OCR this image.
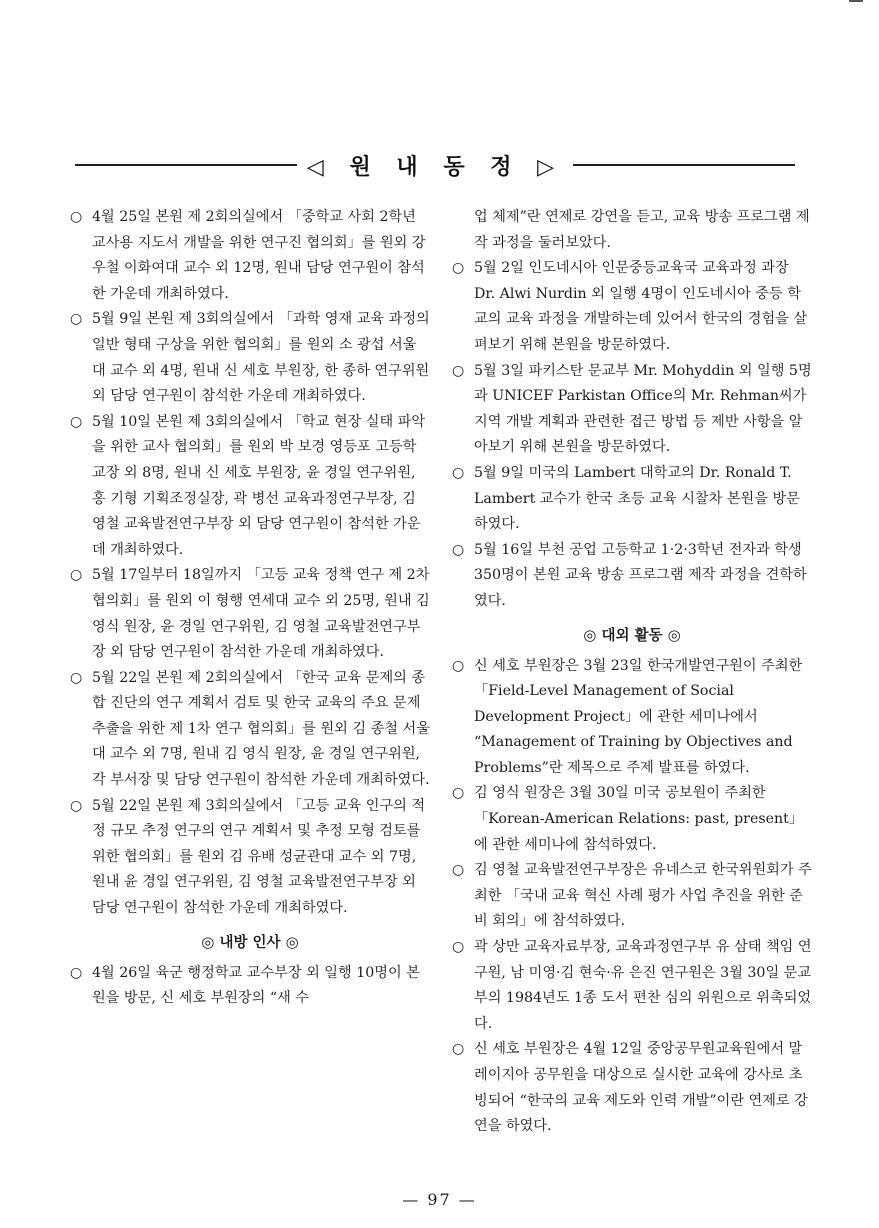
◁ 원 내 동 정 ▷
○ 4월 25일 본원 제 2회의실에서 「중학교 사회 2학년 교사용 지도서 개발을 위한 연구진 협의회」를 원외 강 우철 이화여대 교수 외 12명, 원내 담당 연구원이 참석한 가운데 개최하였다.
○ 5월 9일 본원 제 3회의실에서 「과학 영재 교육 과정의 일반 형태 구상을 위한 협의회」를 원외 소 광섭 서울대 교수 외 4명, 원내 신 세호 부원장, 한 종하 연구위원 외 담당 연구원이 참석한 가운데 개최하였다.
○ 5월 10일 본원 제 3회의실에서 「학교 현장 실태 파악을 위한 교사 협의회」를 원외 박 보경 영등포 고등학교장 외 8명, 원내 신 세호 부원장, 윤 경일 연구위원, 홍 기형 기획조정실장, 곽 병선 교육과정연구부장, 김 영철 교육발전연구부장 외 담당 연구원이 참석한 가운데 개최하였다.
○ 5월 17일부터 18일까지 「고등 교육 정책 연구 제 2차 협의회」를 원외 이 형행 연세대 교수 외 25명, 원내 김 영식 원장, 윤 경일 연구위원, 김 영철 교육발전연구부장 외 담당 연구원이 참석한 가운데 개최하였다.
○ 5월 22일 본원 제 2회의실에서 「한국 교육 문제의 종합 진단의 연구 계획서 검토 및 한국 교육의 주요 문제 추출을 위한 제 1차 연구 협의회」를 원외 김 종철 서울대 교수 외 7명, 원내 김 영식 원장, 윤 경일 연구위원, 각 부서장 및 담당 연구원이 참석한 가운데 개최하였다.
○ 5월 22일 본원 제 3회의실에서 「고등 교육 인구의 적정 규모 추정 연구의 연구 계획서 및 추정 모형 검토를 위한 협의회」를 원외 김 유배 성균관대 교수 외 7명, 원내 윤 경일 연구위원, 김 영철 교육발전연구부장 외 담당 연구원이 참석한 가운데 개최하였다.
◎ 내방 인사 ◎
○ 4월 26일 육군 행정학교 교수부장 외 일행 10명이 본원을 방문, 신 세호 부원장의 “새 수
업 체제”란 연제로 강연을 듣고, 교육 방송 프로그램 제작 과정을 둘러보았다.
○ 5월 2일 인도네시아 인문중등교육국 교육과정 과장 Dr. Alwi Nurdin 외 일행 4명이 인도네시아 중등 학교의 교육 과정을 개발하는데 있어서 한국의 경험을 살펴보기 위해 본원을 방문하였다.
○ 5월 3일 파키스탄 문교부 Mr. Mohyddin 외 일행 5명과 UNICEF Parkistan Office의 Mr. Rehman씨가 지역 개발 계획과 관련한 접근 방법 등 제반 사항을 알아보기 위해 본원을 방문하였다.
○ 5월 9일 미국의 Lambert 대학교의 Dr. Ronald T. Lambert 교수가 한국 초등 교육 시찰차 본원을 방문하였다.
○ 5월 16일 부천 공업 고등학교 1·2·3학년 전자과 학생 350명이 본원 교육 방송 프로그램 제작 과정을 견학하였다.
◎ 대외 활동 ◎
○ 신 세호 부원장은 3월 23일 한국개발연구원이 주최한 「Field-Level Management of Social Development Project」에 관한 세미나에서 “Management of Training by Objectives and Problems”란 제목으로 주제 발표를 하였다.
○ 김 영식 원장은 3월 30일 미국 공보원이 주최한 「Korean-American Relations: past, present」에 관한 세미나에 참석하였다.
○ 김 영철 교육발전연구부장은 유네스코 한국위원회가 주최한 「국내 교육 혁신 사례 평가 사업 추진을 위한 준비 회의」에 참석하였다.
○ 곽 상만 교육자료부장, 교육과정연구부 유 삼태 책임 연구원, 남 미영·김 현숙·유 은진 연구원은 3월 30일 문교부의 1984년도 1종 도서 편찬 심의 위원으로 위촉되었다.
○ 신 세호 부원장은 4월 12일 중앙공무원교육원에서 말레이지아 공무원을 대상으로 실시한 교육에 강사로 초빙되어 “한국의 교육 제도와 인력 개발”이란 연제로 강연을 하였다.
— 97 —
